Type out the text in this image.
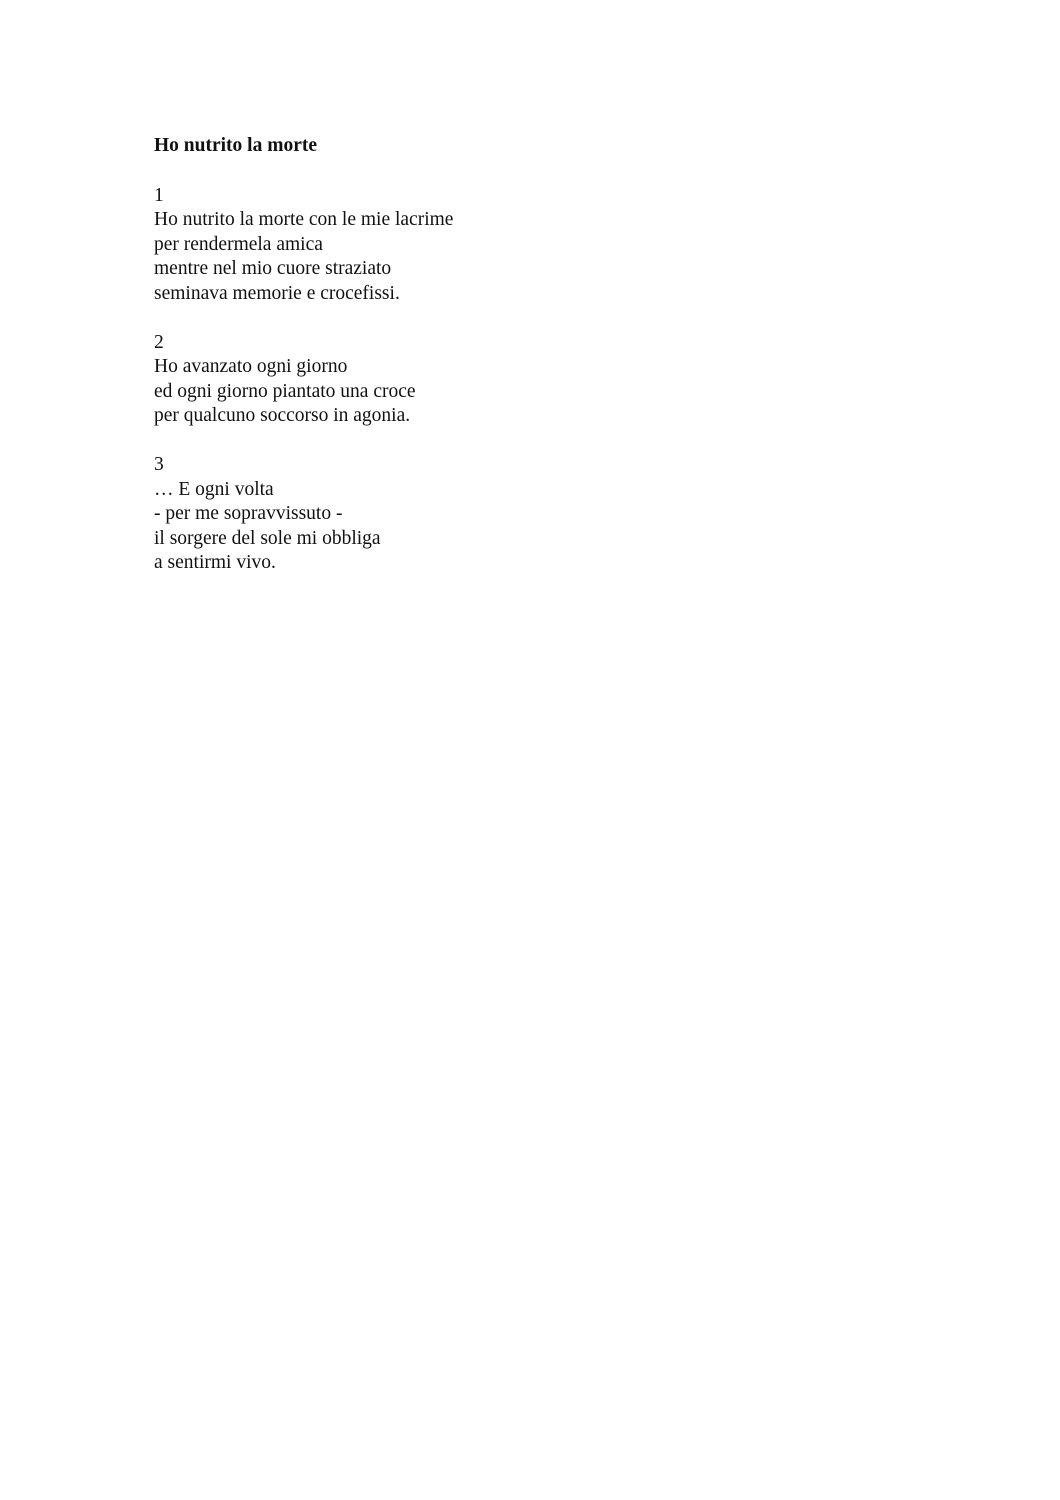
Ho nutrito la morte
1
Ho nutrito la morte con le mie lacrime
per rendermela amica
mentre nel mio cuore straziato
seminava memorie e crocefissi.
2
Ho avanzato ogni giorno
ed ogni giorno piantato una croce
per qualcuno soccorso in agonia.
3
… E ogni volta
- per me sopravvissuto -
il sorgere del sole mi obbliga
a sentirmi vivo.
